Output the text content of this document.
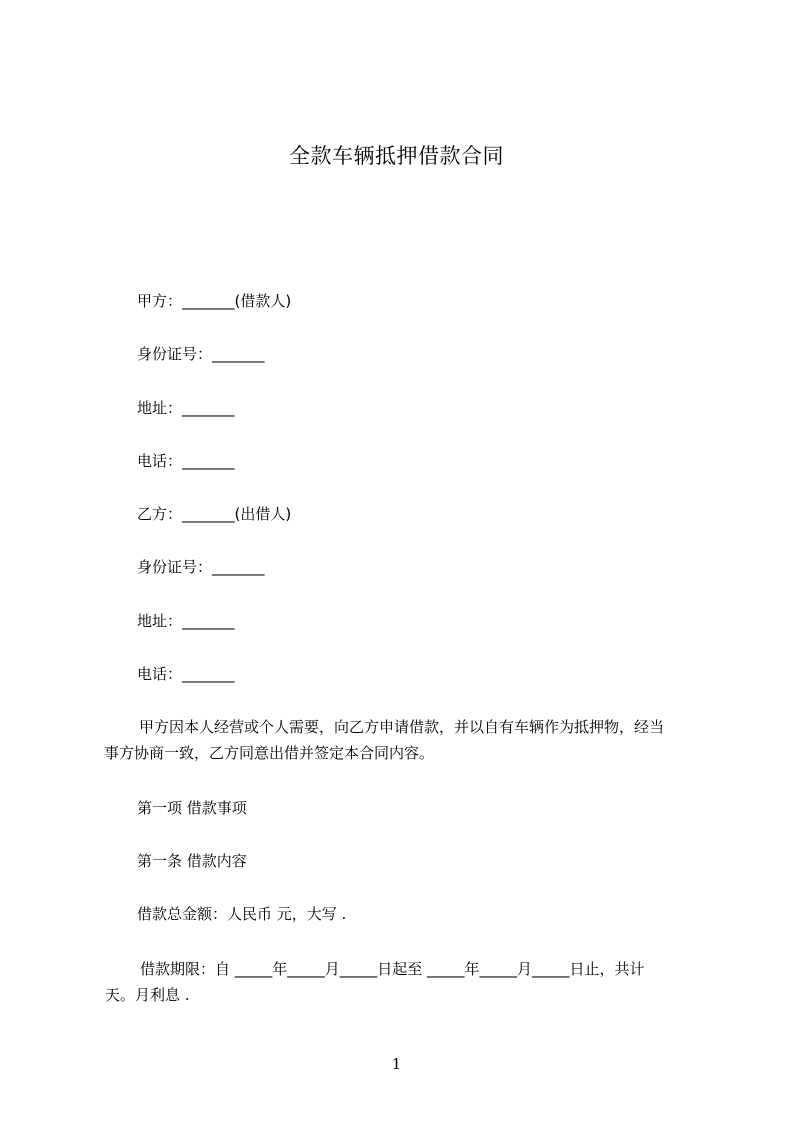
全款车辆抵押借款合同
甲方：_______(借款人)
身份证号：_______
地址：_______
电话：_______
乙方：_______(出借人)
身份证号：_______
地址：_______
电话：_______
甲方因本人经营或个人需要，向乙方申请借款，并以自有车辆作为抵押物，经当
事方协商一致，乙方同意出借并签定本合同内容。
第一项 借款事项
第一条 借款内容
借款总金额：人民币 元，大写 .
借款期限：自 _____年_____月_____日起至 _____年_____月_____日止，共计
天。月利息 .
1
